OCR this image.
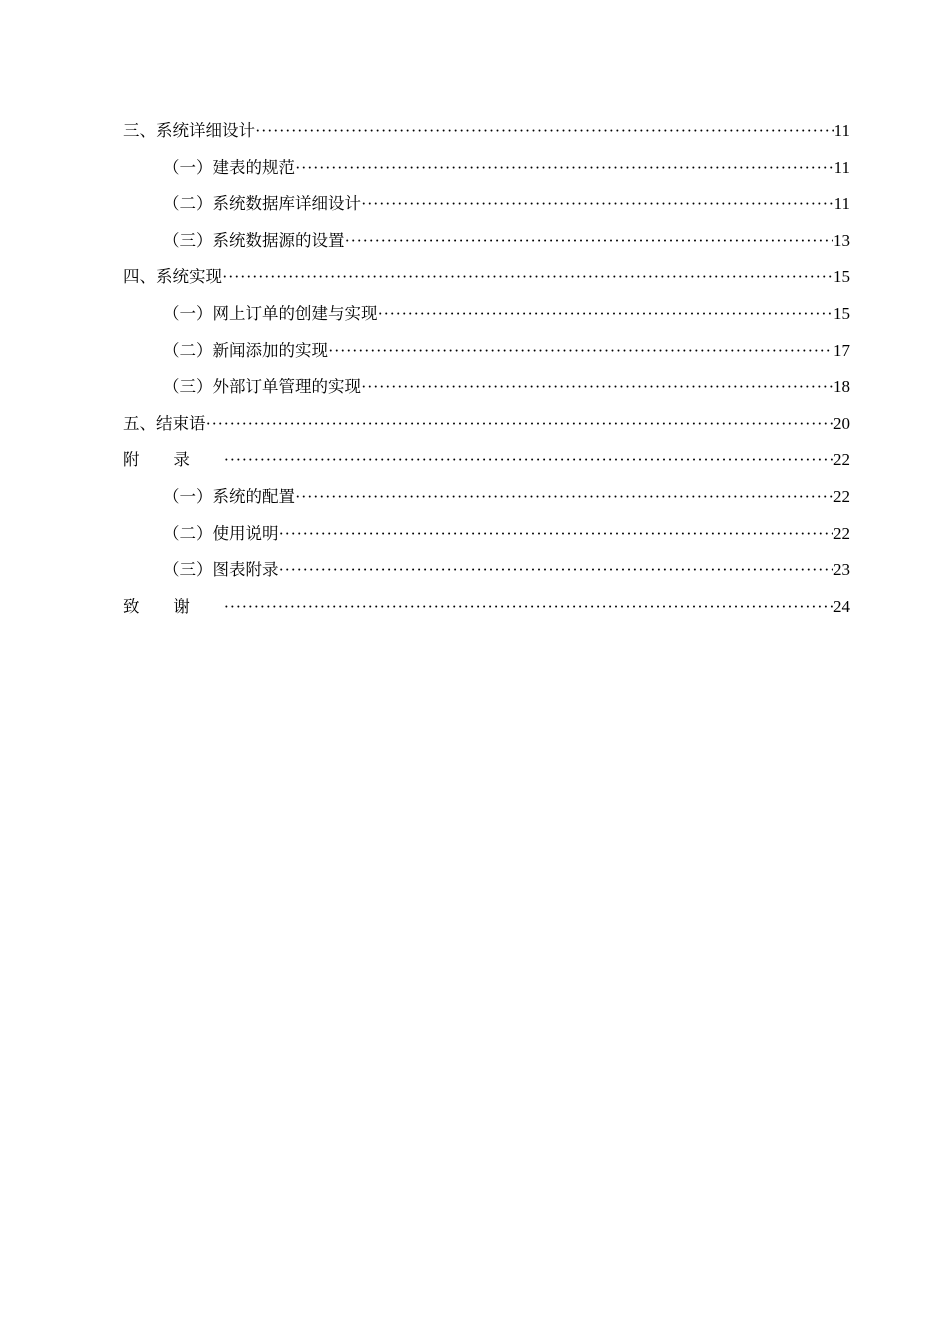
三、系统详细设计 ·····	11
（一）建表的规范 ·····	11
（二）系统数据库详细设计 ·····	11
（三）系统数据源的设置 ·····	13
四、系统实现 ·····	15
（一）网上订单的创建与实现 ·····	15
（二）新闻添加的实现 ·····	17
（三）外部订单管理的实现 ·····	18
五、结束语 ·····	20
附录 ·····	22
（一）系统的配置 ·····	22
（二）使用说明 ·····	22
（三）图表附录 ·····	23
致谢 ·····	24
